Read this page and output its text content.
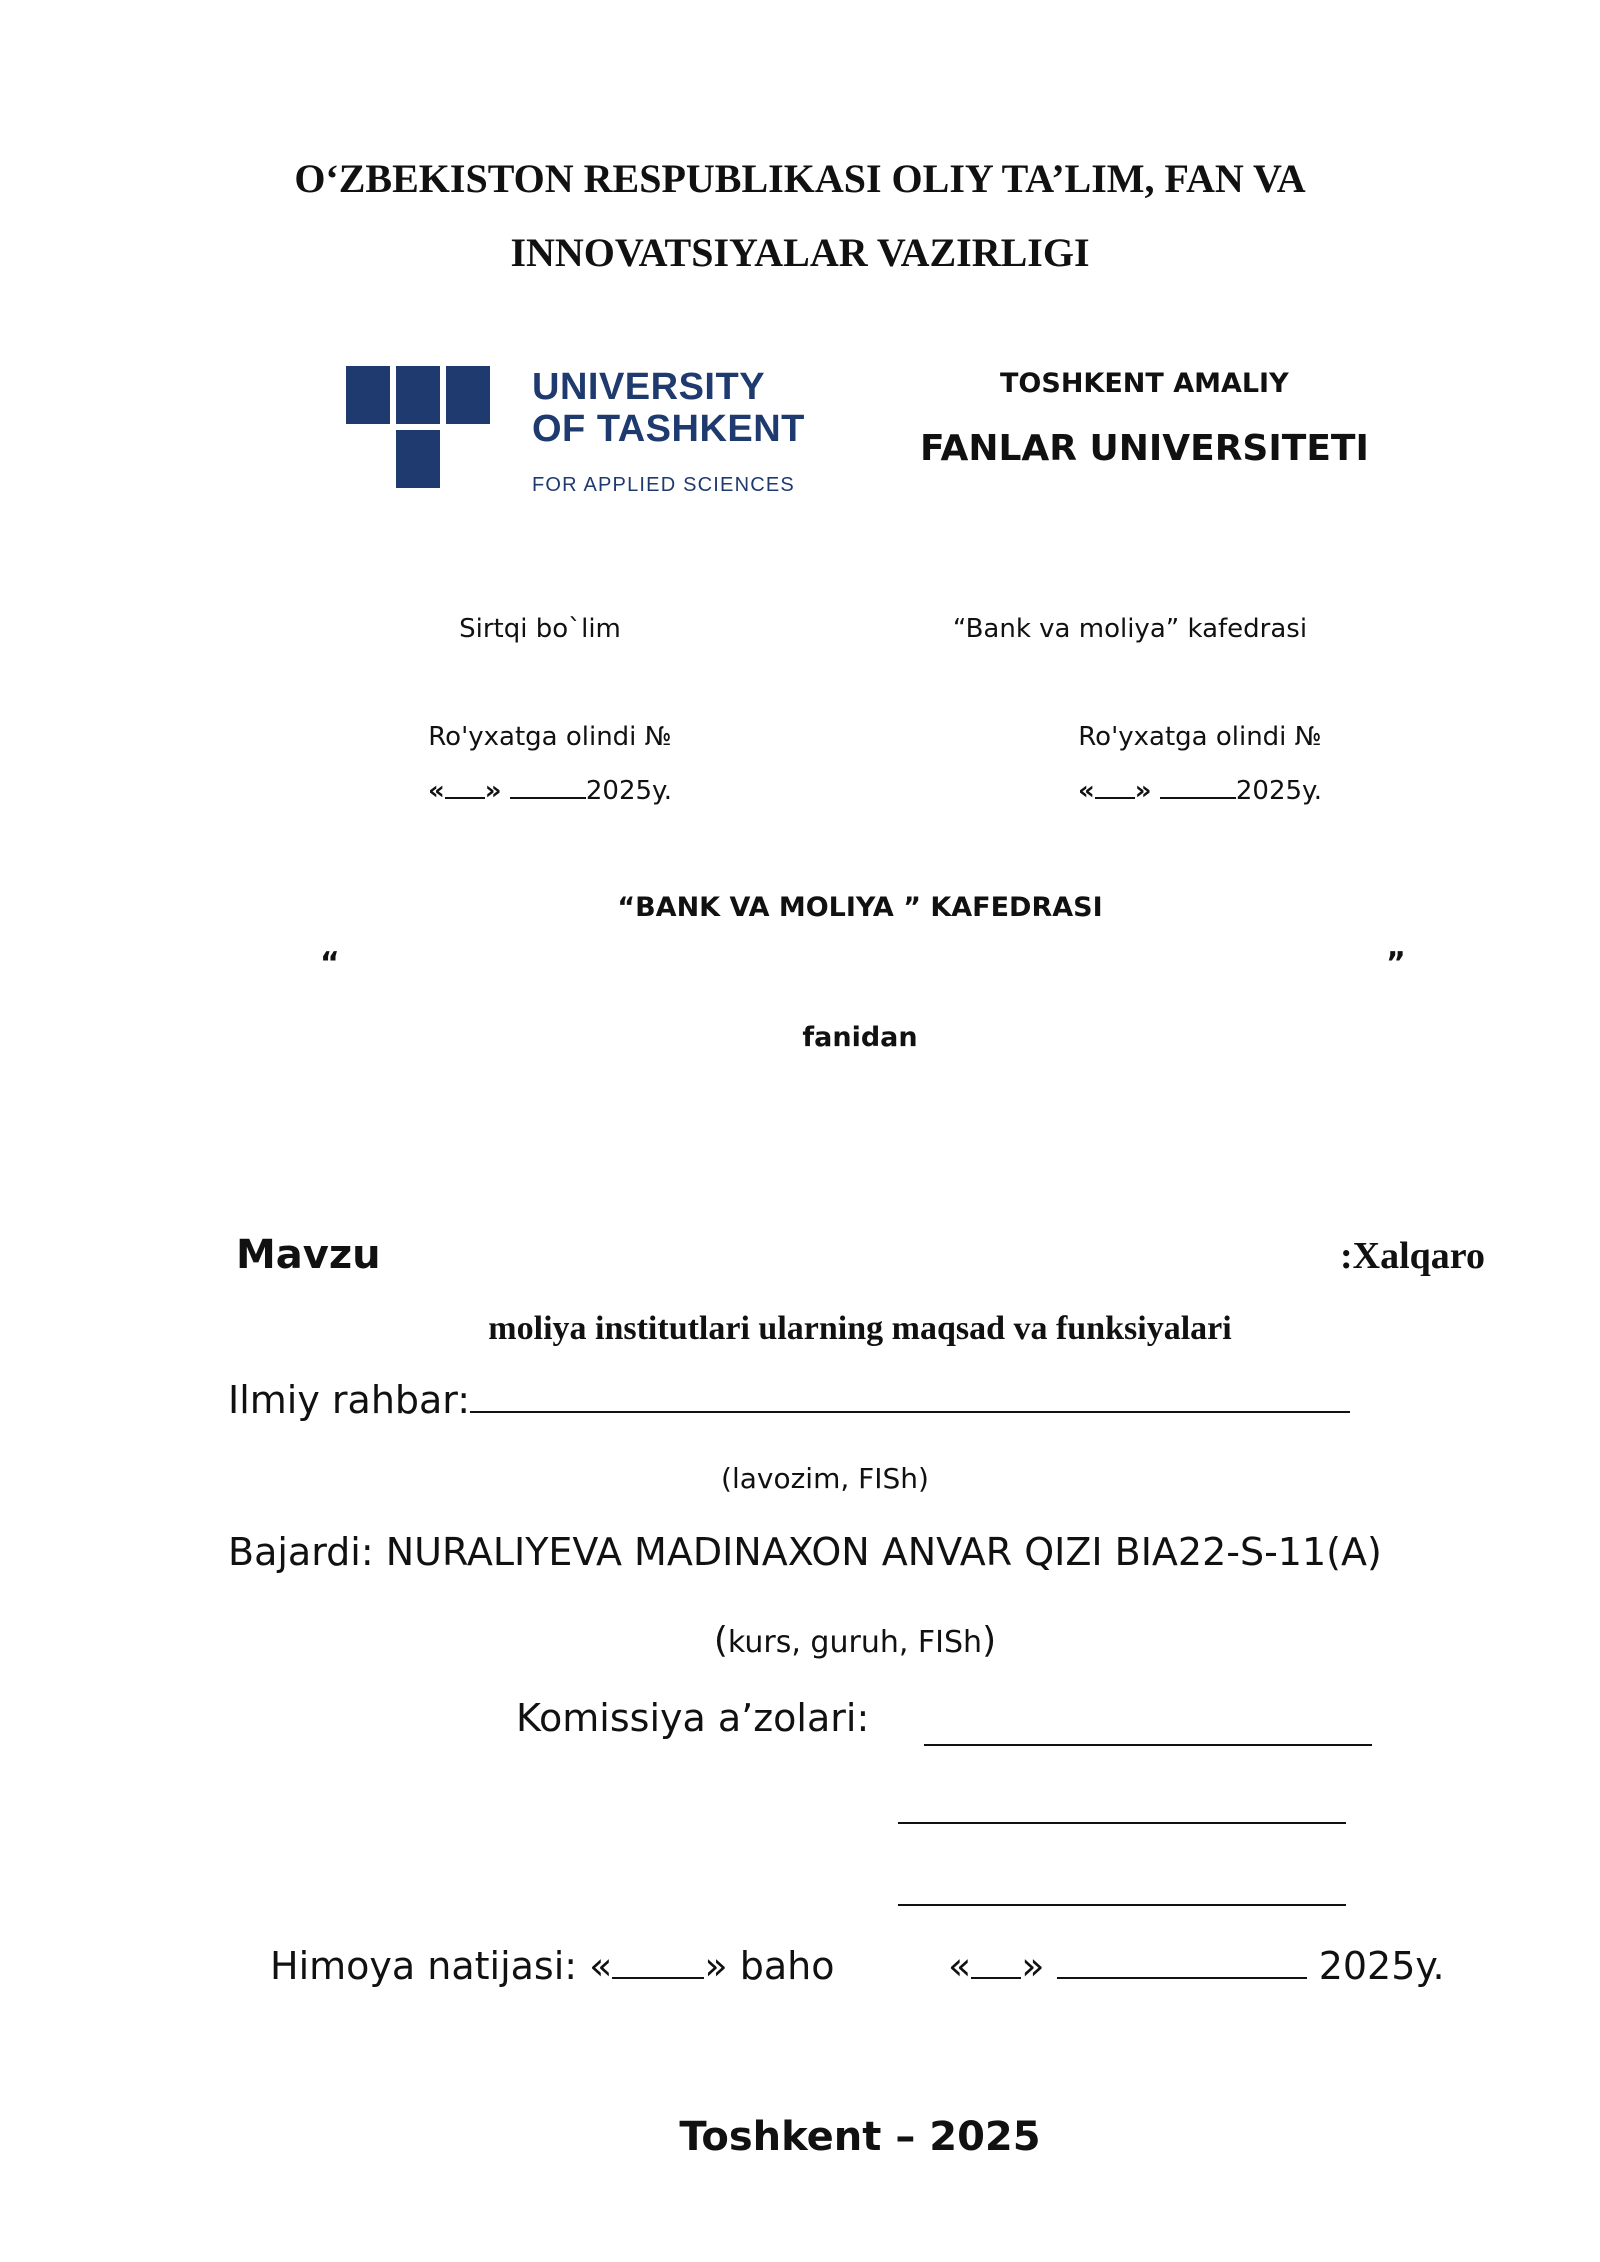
O‘ZBEKISTON RESPUBLIKASI OLIY TA’LIM, FAN VA
INNOVATSIYALAR VAZIRLIGI
UNIVERSITY
OF TASHKENT
FOR APPLIED SCIENCES
TOSHKENT AMALIY
FANLAR UNIVERSITETI
Sirtqi bo`lim	“Bank va moliya” kafedrasi
Ro'yxatga olindi №
« »	2025y.
Ro'yxatga olindi №
« »	2025y.
“BANK VA MOLIYA ” KAFEDRASI
“	”
fanidan
Mavzu	:Xalqaro
moliya institutlari ularning maqsad va funksiyalari
Ilmiy rahbar:
(lavozim, FISh)
Bajardi: NURALIYEVA MADINAXON ANVAR QIZI BIA22-S-11(A)
(kurs, guruh, FISh)
Komissiya a’zolari:
Himoya natijasi: « » baho	« »	2025y.
Toshkent – 2025
